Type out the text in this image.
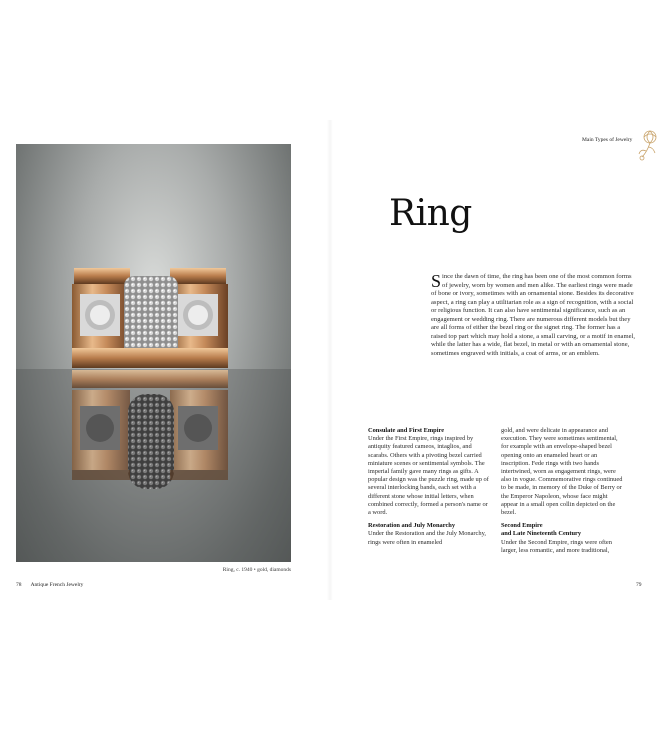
Ring, c. 1940 • gold, diamonds
78 Antique French Jewelry
Main Types of Jewelry
Ring
S ince the dawn of time, the ring has been one of the most common forms of jewelry, worn by women and men alike. The earliest rings were made of bone or ivory, sometimes with an ornamental stone. Besides its decorative aspect, a ring can play a utilitarian role as a sign of recognition, with a social or religious function. It can also have sentimental significance, such as an engagement or wedding ring. There are numerous different models but they are all forms of either the bezel ring or the signet ring. The former has a raised top part which may hold a stone, a small carving, or a motif in enamel, while the latter has a wide, flat bezel, in metal or with an ornamental stone, sometimes engraved with initials, a coat of arms, or an emblem.
Consulate and First Empire

Under the First Empire, rings inspired by antiquity featured cameos, intaglios, and scarabs. Others with a pivoting bezel carried miniature scenes or sentimental symbols. The imperial family gave many rings as gifts. A popular design was the puzzle ring, made up of several interlocking bands, each set with a different stone whose initial letters, when combined correctly, formed a person's name or a word.

Restoration and July Monarchy

Under the Restoration and the July Monarchy, rings were often in enameled

gold, and were delicate in appearance and execution. They were sometimes sentimental, for example with an envelope-shaped bezel opening onto an enameled heart or an inscription. Fede rings with two hands intertwined, worn as engagement rings, were also in vogue. Commemorative rings continued to be made, in memory of the Duke of Berry or the Emperor Napoleon, whose face might appear in a small open collin depicted on the bezel.

Second Empire
and Late Nineteenth Century

Under the Second Empire, rings were often larger, less romantic, and more traditional,

79
